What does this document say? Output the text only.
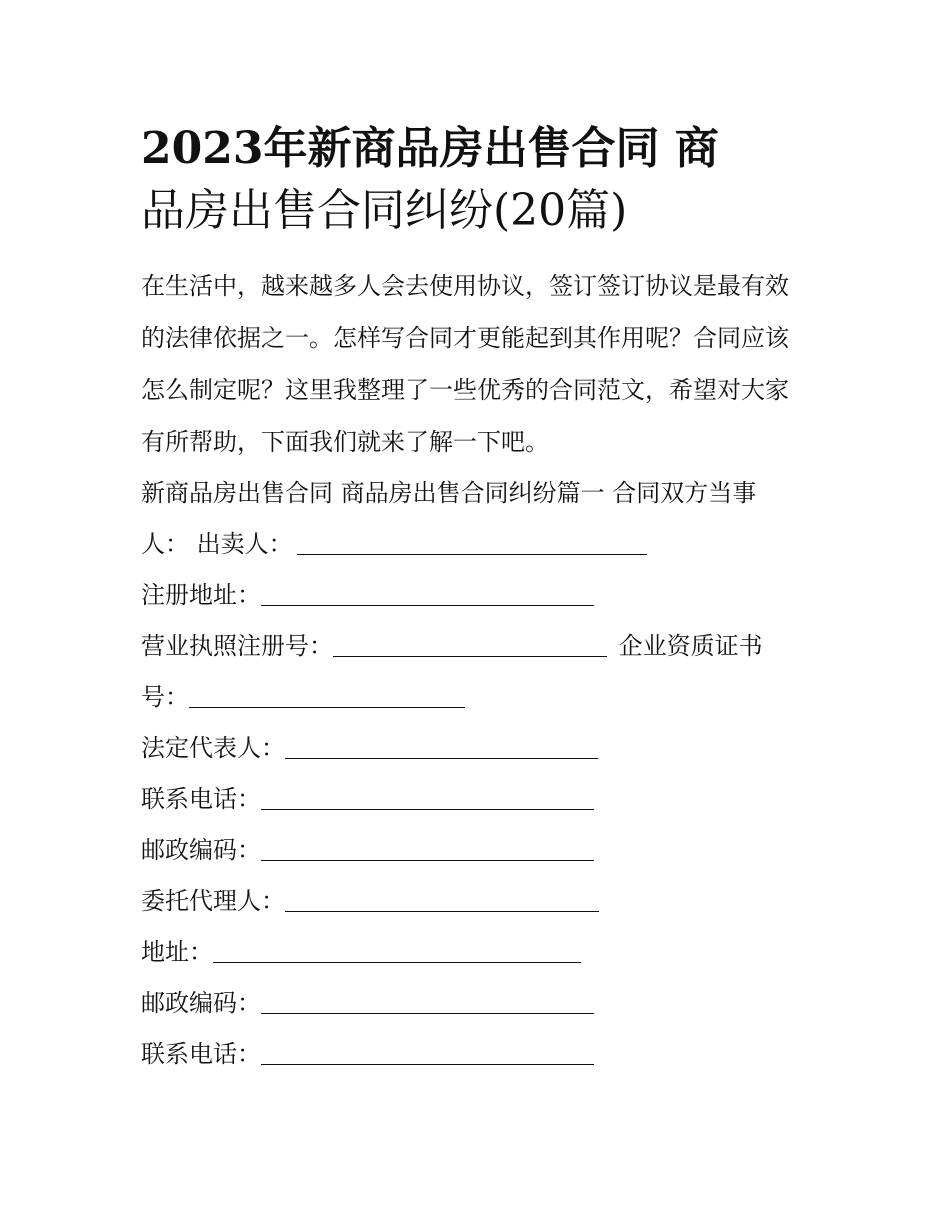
2023年新商品房出售合同 商
品房出售合同纠纷(20篇)
在生活中，越来越多人会去使用协议，签订签订协议是最有效
的法律依据之一。怎样写合同才更能起到其作用呢？合同应该
怎么制定呢？这里我整理了一些优秀的合同范文，希望对大家
有所帮助，下面我们就来了解一下吧。
新商品房出售合同 商品房出售合同纠纷篇一 合同双方当事
人： 出卖人：
注册地址：
营业执照注册号：	企业资质证书
号：
法定代表人：
联系电话：
邮政编码：
委托代理人：
地址：
邮政编码：
联系电话：
